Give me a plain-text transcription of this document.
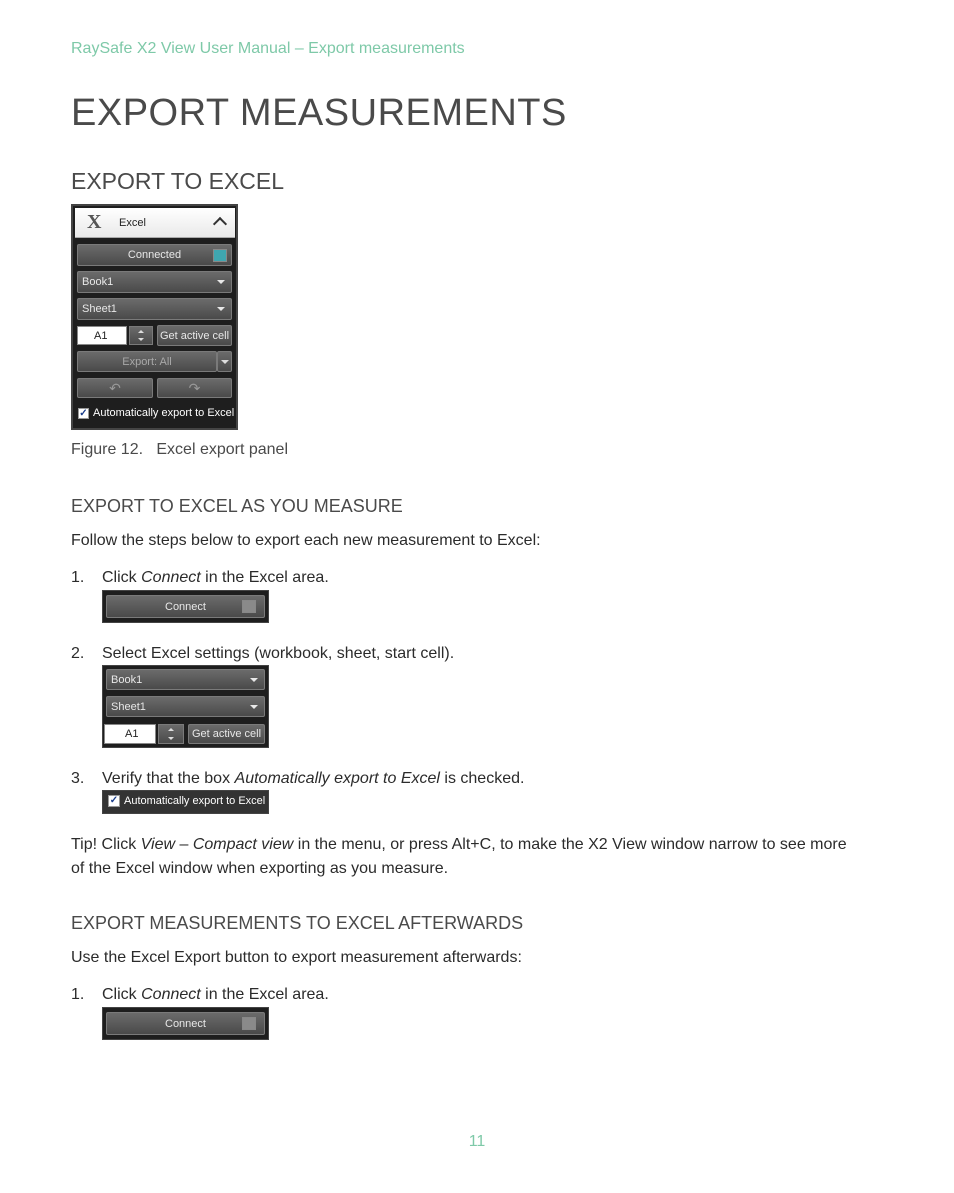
RaySafe X2 View User Manual – Export measurements
EXPORT MEASUREMENTS
EXPORT TO EXCEL
X Excel
Connected
Book1
Sheet1
A1	Get active cell
Export: All
↶	↷
✓ Automatically export to Excel
Figure 12.   Excel export panel
EXPORT TO EXCEL AS YOU MEASURE
Follow the steps below to export each new measurement to Excel:
1. Click Connect in the Excel area.
Connect
2. Select Excel settings (workbook, sheet, start cell).
Book1
Sheet1
A1	Get active cell
3. Verify that the box Automatically export to Excel is checked.
✓ Automatically export to Excel
Tip! Click View – Compact view in the menu, or press Alt+C, to make the X2 View window narrow to see more
of the Excel window when exporting as you measure.
EXPORT MEASUREMENTS TO EXCEL AFTERWARDS
Use the Excel Export button to export measurement afterwards:
1. Click Connect in the Excel area.
Connect
11
